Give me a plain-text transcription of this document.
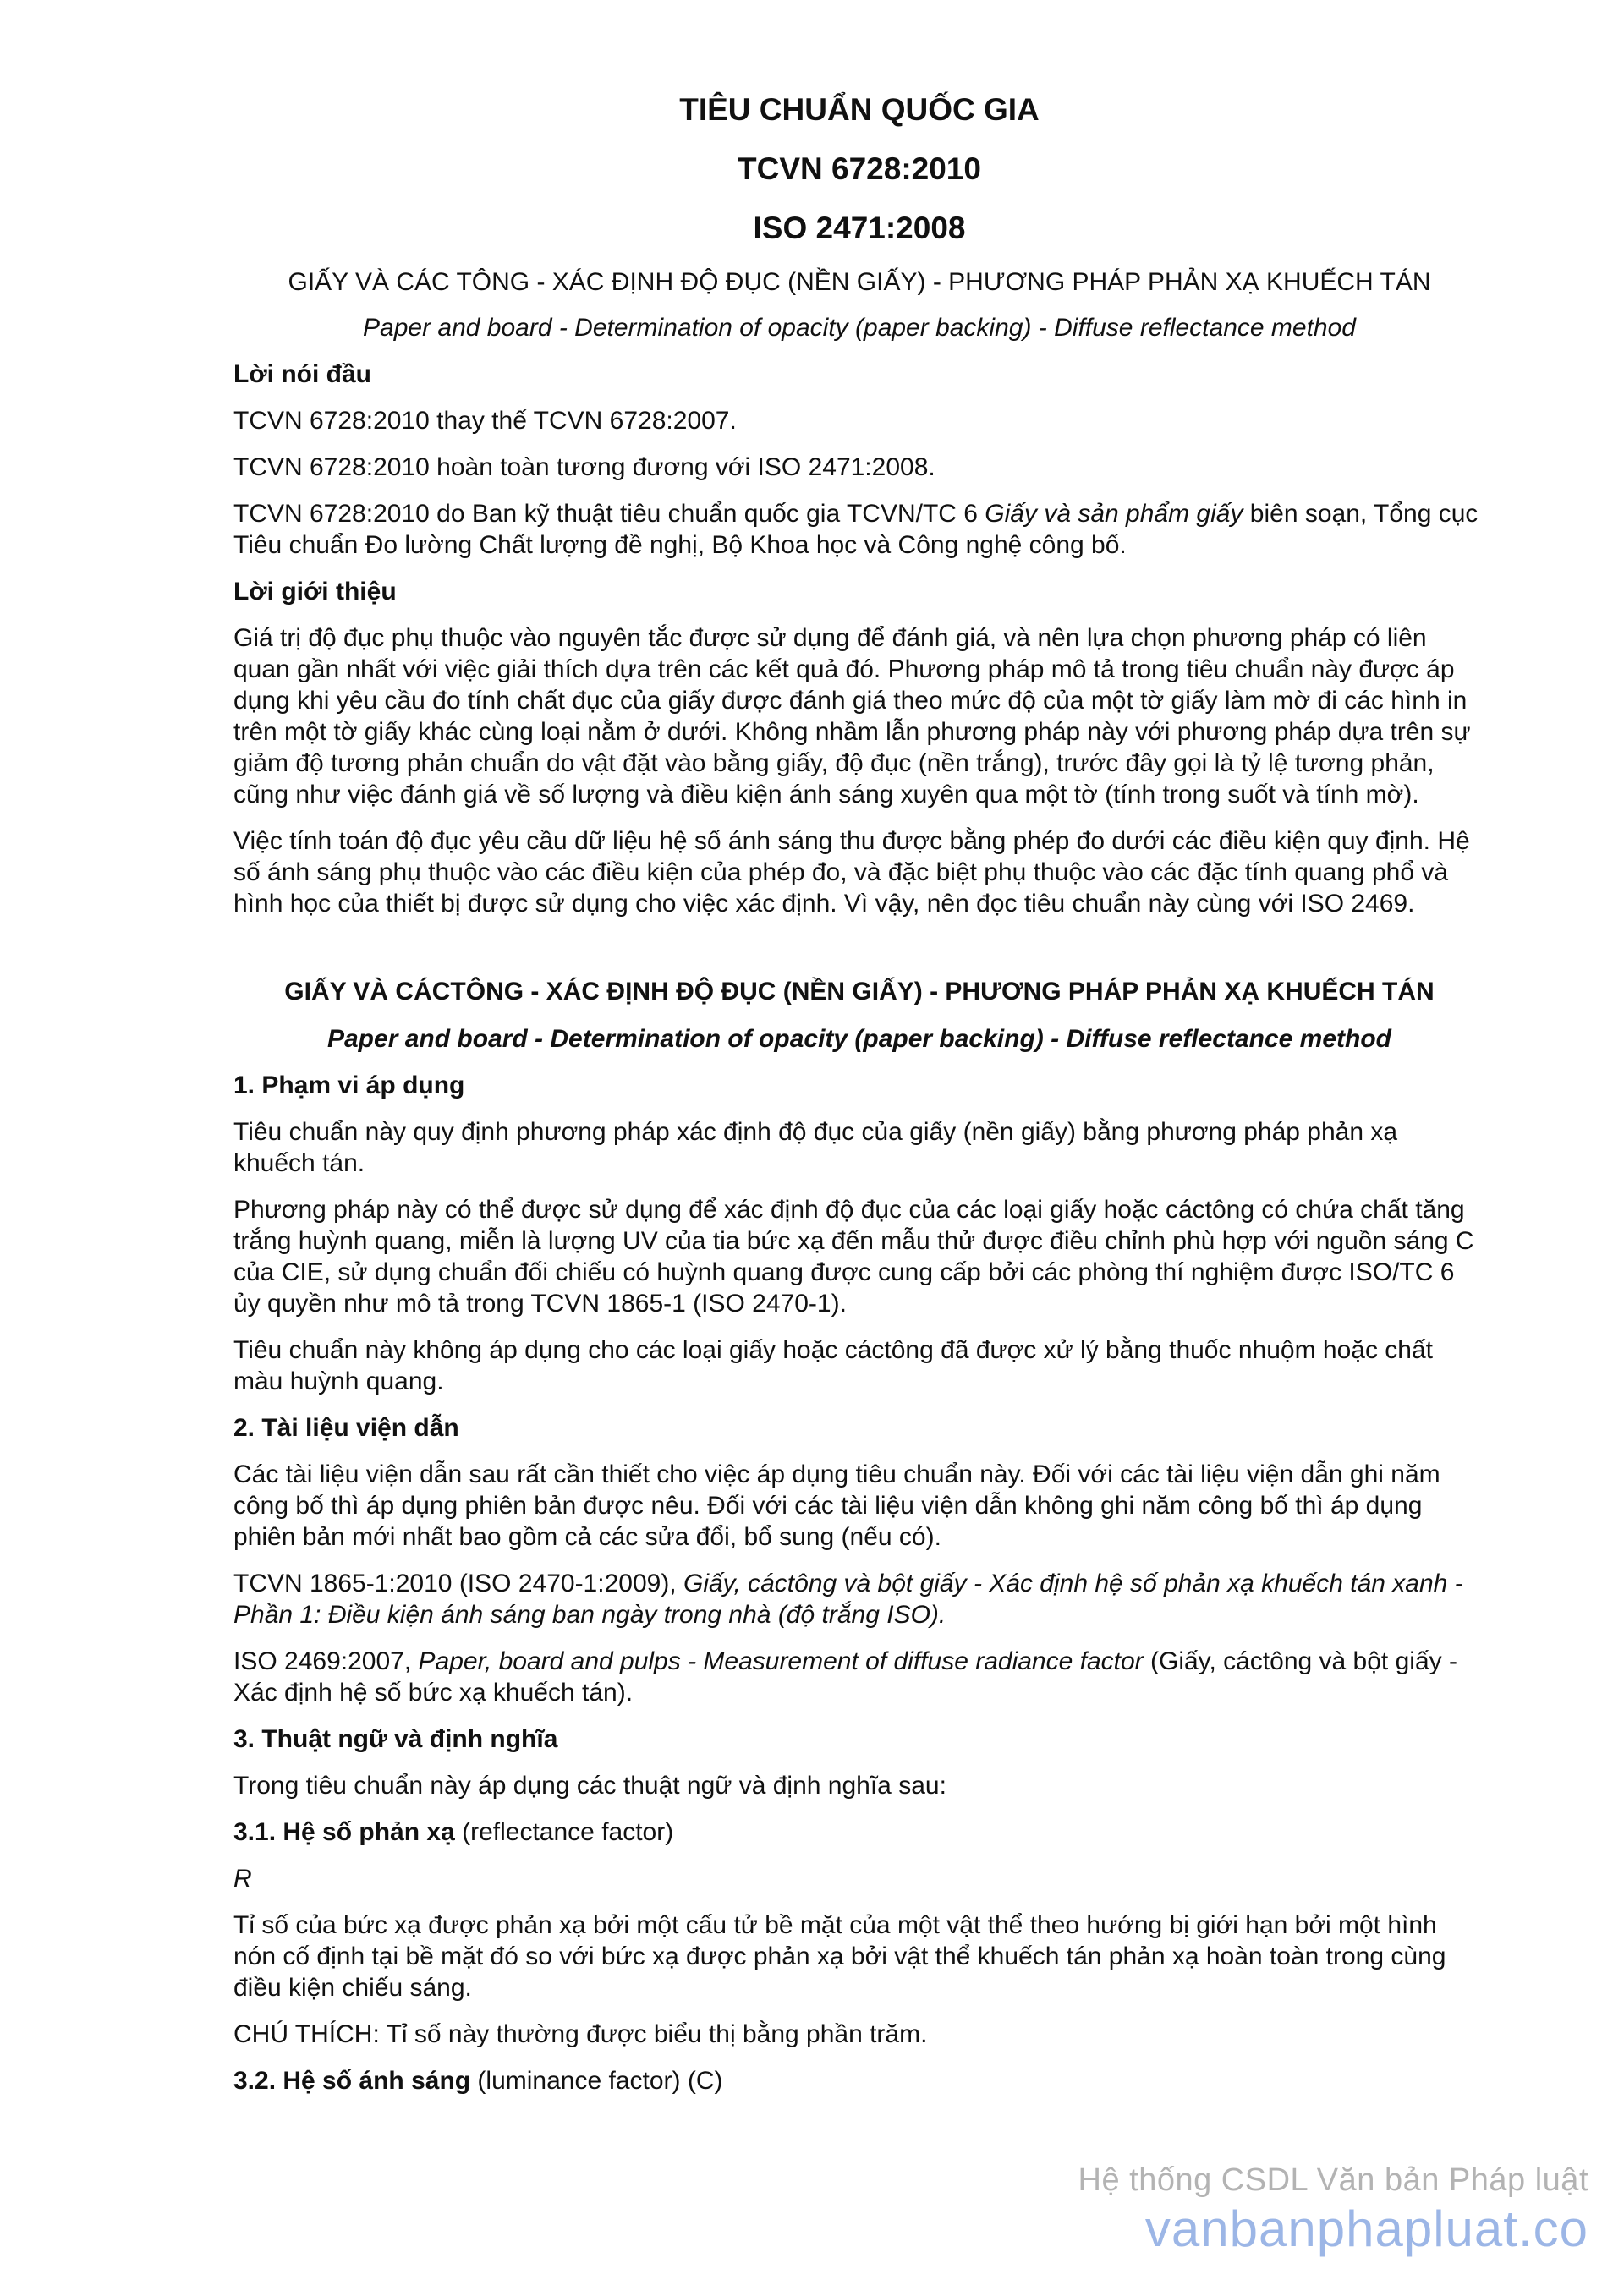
TIÊU CHUẨN QUỐC GIA
TCVN 6728:2010
ISO 2471:2008
GIẤY VÀ CÁC TÔNG - XÁC ĐỊNH ĐỘ ĐỤC (NỀN GIẤY) - PHƯƠNG PHÁP PHẢN XẠ KHUẾCH TÁN
Paper and board - Determination of opacity (paper backing) - Diffuse reflectance method

Lời nói đầu

TCVN 6728:2010 thay thế TCVN 6728:2007.

TCVN 6728:2010 hoàn toàn tương đương với ISO 2471:2008.

TCVN 6728:2010 do Ban kỹ thuật tiêu chuẩn quốc gia TCVN/TC 6 Giấy và sản phẩm giấy biên soạn, Tổng cục Tiêu chuẩn Đo lường Chất lượng đề nghị, Bộ Khoa học và Công nghệ công bố.

Lời giới thiệu

Giá trị độ đục phụ thuộc vào nguyên tắc được sử dụng để đánh giá, và nên lựa chọn phương pháp có liên quan gần nhất với việc giải thích dựa trên các kết quả đó. Phương pháp mô tả trong tiêu chuẩn này được áp dụng khi yêu cầu đo tính chất đục của giấy được đánh giá theo mức độ của một tờ giấy làm mờ đi các hình in trên một tờ giấy khác cùng loại nằm ở dưới. Không nhầm lẫn phương pháp này với phương pháp dựa trên sự giảm độ tương phản chuẩn do vật đặt vào bằng giấy, độ đục (nền trắng), trước đây gọi là tỷ lệ tương phản, cũng như việc đánh giá về số lượng và điều kiện ánh sáng xuyên qua một tờ (tính trong suốt và tính mờ).

Việc tính toán độ đục yêu cầu dữ liệu hệ số ánh sáng thu được bằng phép đo dưới các điều kiện quy định. Hệ số ánh sáng phụ thuộc vào các điều kiện của phép đo, và đặc biệt phụ thuộc vào các đặc tính quang phổ và hình học của thiết bị được sử dụng cho việc xác định. Vì vậy, nên đọc tiêu chuẩn này cùng với ISO 2469.

GIẤY VÀ CÁCTÔNG - XÁC ĐỊNH ĐỘ ĐỤC (NỀN GIẤY) - PHƯƠNG PHÁP PHẢN XẠ KHUẾCH TÁN
Paper and board - Determination of opacity (paper backing) - Diffuse reflectance method

1. Phạm vi áp dụng

Tiêu chuẩn này quy định phương pháp xác định độ đục của giấy (nền giấy) bằng phương pháp phản xạ khuếch tán.

Phương pháp này có thể được sử dụng để xác định độ đục của các loại giấy hoặc cáctông có chứa chất tăng trắng huỳnh quang, miễn là lượng UV của tia bức xạ đến mẫu thử được điều chỉnh phù hợp với nguồn sáng C của CIE, sử dụng chuẩn đối chiếu có huỳnh quang được cung cấp bởi các phòng thí nghiệm được ISO/TC 6 ủy quyền như mô tả trong TCVN 1865-1 (ISO 2470-1).

Tiêu chuẩn này không áp dụng cho các loại giấy hoặc cáctông đã được xử lý bằng thuốc nhuộm hoặc chất màu huỳnh quang.

2. Tài liệu viện dẫn

Các tài liệu viện dẫn sau rất cần thiết cho việc áp dụng tiêu chuẩn này. Đối với các tài liệu viện dẫn ghi năm công bố thì áp dụng phiên bản được nêu. Đối với các tài liệu viện dẫn không ghi năm công bố thì áp dụng phiên bản mới nhất bao gồm cả các sửa đổi, bổ sung (nếu có).

TCVN 1865-1:2010 (ISO 2470-1:2009), Giấy, cáctông và bột giấy - Xác định hệ số phản xạ khuếch tán xanh - Phần 1: Điều kiện ánh sáng ban ngày trong nhà (độ trắng ISO).

ISO 2469:2007, Paper, board and pulps - Measurement of diffuse radiance factor (Giấy, cáctông và bột giấy - Xác định hệ số bức xạ khuếch tán).

3. Thuật ngữ và định nghĩa

Trong tiêu chuẩn này áp dụng các thuật ngữ và định nghĩa sau:

3.1. Hệ số phản xạ (reflectance factor)

R

Tỉ số của bức xạ được phản xạ bởi một cấu tử bề mặt của một vật thể theo hướng bị giới hạn bởi một hình nón cố định tại bề mặt đó so với bức xạ được phản xạ bởi vật thể khuếch tán phản xạ hoàn toàn trong cùng điều kiện chiếu sáng.

CHÚ THÍCH: Tỉ số này thường được biểu thị bằng phần trăm.

3.2. Hệ số ánh sáng (luminance factor) (C)

Hệ thống CSDL Văn bản Pháp luật
vanbanphapluat.co
